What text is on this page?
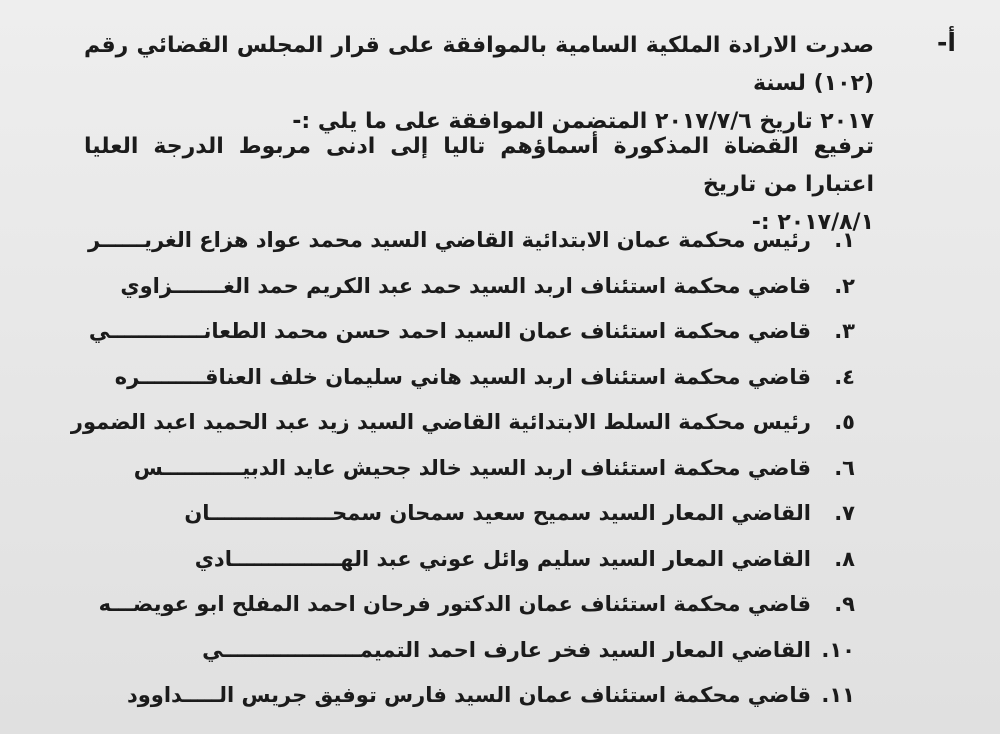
أ-
صدرت الارادة الملكية السامية بالموافقة على قرار المجلس القضائي رقم (١٠٢) لسنة
٢٠١٧ تاريخ ٢٠١٧/٧/٦ المتضمن الموافقة على ما يلي :-
ترفيع القضاة المذكورة أسماؤهم تاليا إلى ادنى مربوط الدرجة العليا اعتبارا من تاريخ
٢٠١٧/٨/١ :-
١.
رئيس محكمة عمان الابتدائية القاضي السيد محمد عواد هزاع الغريــــــر
٢.
قاضي محكمة استئناف اربد السيد حمد عبد الكريم حمد الغـــــــزاوي
٣.
قاضي محكمة استئناف عمان السيد احمد حسن محمد الطعانـــــــــــــي
٤.
قاضي محكمة استئناف اربد السيد هاني سليمان خلف العناقـــــــــره
٥.
رئيس محكمة السلط الابتدائية القاضي السيد زيد عبد الحميد اعبد الضمور
٦.
قاضي محكمة استئناف اربد السيد خالد جحيش عايد الدبيـــــــــــس
٧.
القاضي المعار السيد سميح سعيد سمحان سمحـــــــــــــــــان
٨.
القاضي المعار السيد سليم وائل عوني عبد الهـــــــــــــــادي
٩.
قاضي محكمة استئناف عمان الدكتور فرحان احمد المفلح ابو عويضـــه
١٠.
القاضي المعار السيد فخر عارف احمد التميمـــــــــــــــــــي
١١.
قاضي محكمة استئناف عمان السيد فارس توفيق جريس الـــــداوود
